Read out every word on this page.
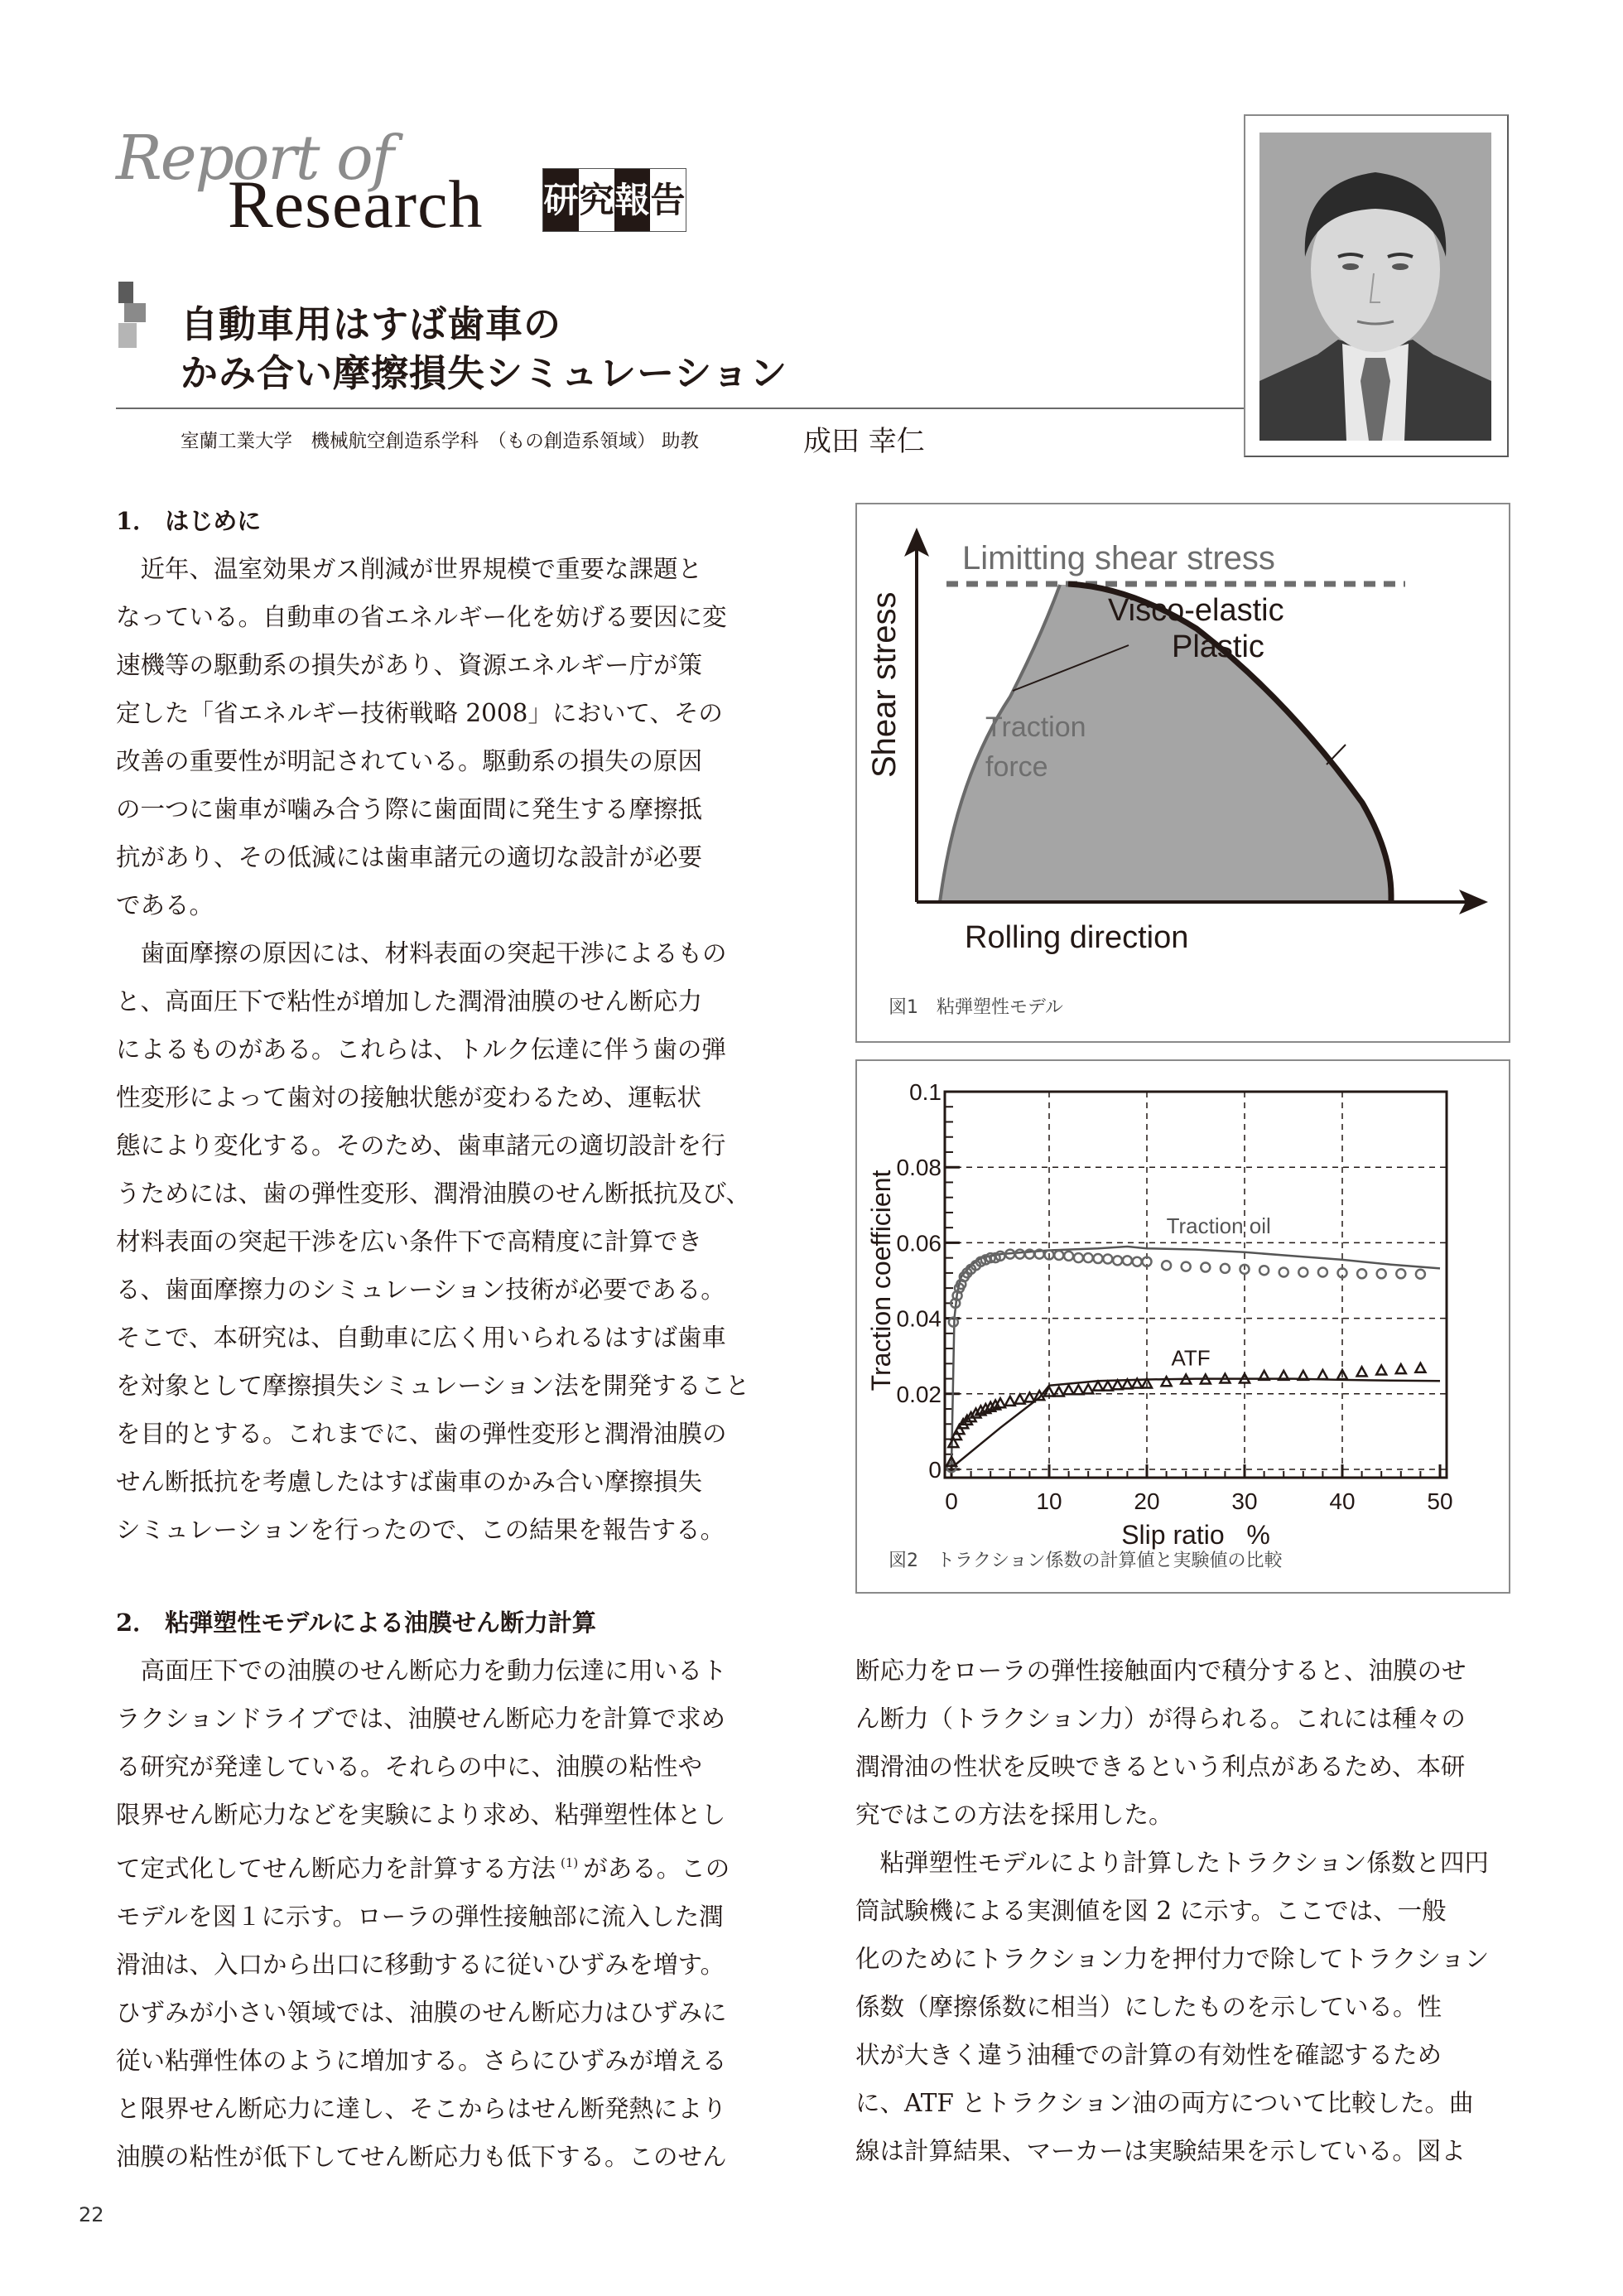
Report of
Research 研 究 報 告
自動車用はすば歯車の
かみ合い摩擦損失シミュレーション
室蘭工業大学　機械航空創造系学科　（もの創造系領域） 助教	成田 幸仁

1． はじめに

　近年、温室効果ガス削減が世界規模で重要な課題と

なっている。自動車の省エネルギー化を妨げる要因に変

速機等の駆動系の損失があり、資源エネルギー庁が策

定した「省エネルギー技術戦略 2008」において、その

改善の重要性が明記されている。駆動系の損失の原因

の一つに歯車が噛み合う際に歯面間に発生する摩擦抵

抗があり、その低減には歯車諸元の適切な設計が必要

である。

　歯面摩擦の原因には、材料表面の突起干渉によるもの

と、高面圧下で粘性が増加した潤滑油膜のせん断応力

によるものがある。これらは、トルク伝達に伴う歯の弾

性変形によって歯対の接触状態が変わるため、運転状

態により変化する。そのため、歯車諸元の適切設計を行

うためには、歯の弾性変形、潤滑油膜のせん断抵抗及び、

材料表面の突起干渉を広い条件下で高精度に計算でき

る、歯面摩擦力のシミュレーション技術が必要である。

そこで、本研究は、自動車に広く用いられるはすば歯車

を対象として摩擦損失シミュレーション法を開発すること

を目的とする。これまでに、歯の弾性変形と潤滑油膜の

せん断抵抗を考慮したはすば歯車のかみ合い摩擦損失

シミュレーションを行ったので、この結果を報告する。

2． 粘弾塑性モデルによる油膜せん断力計算

　高面圧下での油膜のせん断応力を動力伝達に用いるト

ラクションドライブでは、油膜せん断応力を計算で求め

る研究が発達している。それらの中に、油膜の粘性や

限界せん断応力などを実験により求め、粘弾塑性体とし

て定式化してせん断応力を計算する方法 $^{(1)}$ がある。この

モデルを図１に示す。ローラの弾性接触部に流入した潤

滑油は、入口から出口に移動するに従いひずみを増す。

ひずみが小さい領域では、油膜のせん断応力はひずみに

従い粘弾性体のように増加する。さらにひずみが増える

と限界せん断応力に達し、そこからはせん断発熱により

油膜の粘性が低下してせん断応力も低下する。このせん

断応力をローラの弾性接触面内で積分すると、油膜のせ

ん断力（トラクション力）が得られる。これには種々の

潤滑油の性状を反映できるという利点があるため、本研

究ではこの方法を採用した。

　粘弾塑性モデルにより計算したトラクション係数と四円

筒試験機による実測値を図 2 に示す。ここでは、一般

化のためにトラクション力を押付力で除してトラクション

係数（摩擦係数に相当）にしたものを示している。性

状が大きく違う油種での計算の有効性を確認するため

に、ATF とトラクション油の両方について比較した。曲

線は計算結果、マーカーは実験結果を示している。図よ

Limitting shear stress
Visco-elastic
Plastic
Traction
force
Rolling direction
Shear stress
図1　粘弾塑性モデル
0	10	20	30	40	50
0
0.02
0.04
0.06
0.08
0.1
Slip ratio   %
Traction coefficient	Traction oil
ATF
図2　トラクション係数の計算値と実験値の比較
22
